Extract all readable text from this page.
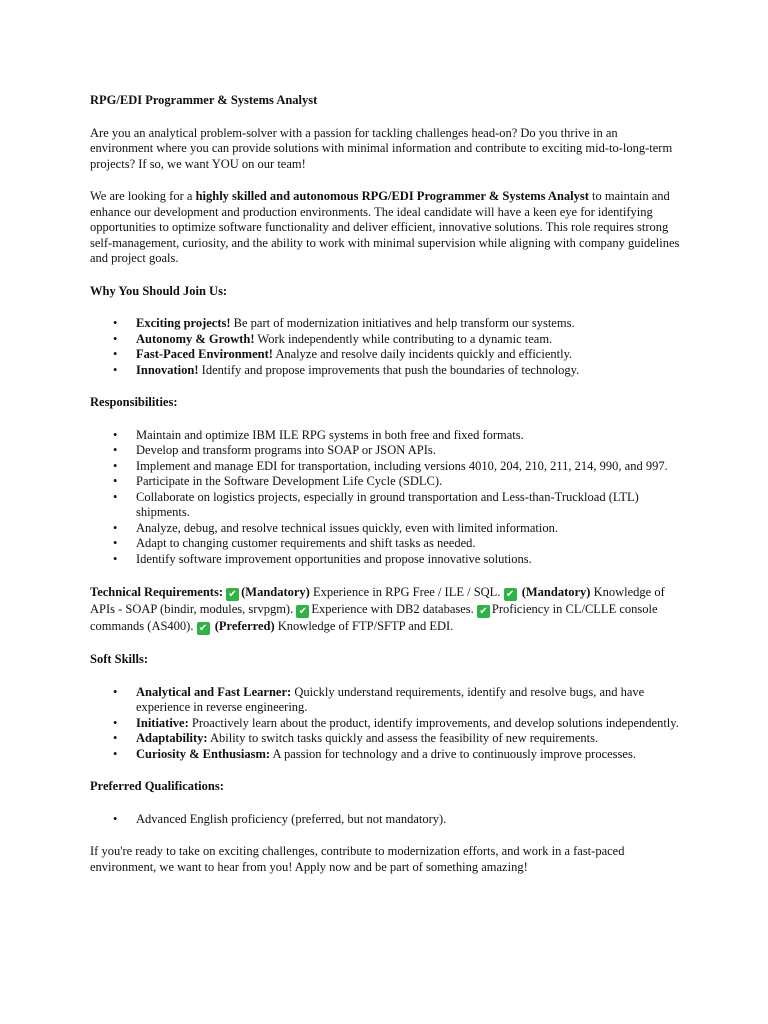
RPG/EDI Programmer & Systems Analyst

Are you an analytical problem-solver with a passion for tackling challenges head-on? Do you thrive in an environment where you can provide solutions with minimal information and contribute to exciting mid-to-long-term projects? If so, we want YOU on our team!

We are looking for a highly skilled and autonomous RPG/EDI Programmer & Systems Analyst to maintain and enhance our development and production environments. The ideal candidate will have a keen eye for identifying opportunities to optimize software functionality and deliver efficient, innovative solutions. This role requires strong self-management, curiosity, and the ability to work with minimal supervision while aligning with company guidelines and project goals.

Why You Should Join Us:

• Exciting projects! Be part of modernization initiatives and help transform our systems.
• Autonomy & Growth! Work independently while contributing to a dynamic team.
• Fast-Paced Environment! Analyze and resolve daily incidents quickly and efficiently.
• Innovation! Identify and propose improvements that push the boundaries of technology.

Responsibilities:

• Maintain and optimize IBM ILE RPG systems in both free and fixed formats.
• Develop and transform programs into SOAP or JSON APIs.
• Implement and manage EDI for transportation, including versions 4010, 204, 210, 211, 214, 990, and 997.
• Participate in the Software Development Life Cycle (SDLC).
• Collaborate on logistics projects, especially in ground transportation and Less-than-Truckload (LTL) shipments.
• Analyze, debug, and resolve technical issues quickly, even with limited information.
• Adapt to changing customer requirements and shift tasks as needed.
• Identify software improvement opportunities and propose innovative solutions.

Technical Requirements: ✔ (Mandatory) Experience in RPG Free / ILE / SQL. ✔ (Mandatory) Knowledge of APIs - SOAP (bindir, modules, srvpgm). ✔ Experience with DB2 databases. ✔ Proficiency in CL/CLLE console commands (AS400). ✔ (Preferred) Knowledge of FTP/SFTP and EDI.

Soft Skills:

• Analytical and Fast Learner: Quickly understand requirements, identify and resolve bugs, and have experience in reverse engineering.
• Initiative: Proactively learn about the product, identify improvements, and develop solutions independently.
• Adaptability: Ability to switch tasks quickly and assess the feasibility of new requirements.
• Curiosity & Enthusiasm: A passion for technology and a drive to continuously improve processes.

Preferred Qualifications:

• Advanced English proficiency (preferred, but not mandatory).

If you're ready to take on exciting challenges, contribute to modernization efforts, and work in a fast-paced environment, we want to hear from you! Apply now and be part of something amazing!
